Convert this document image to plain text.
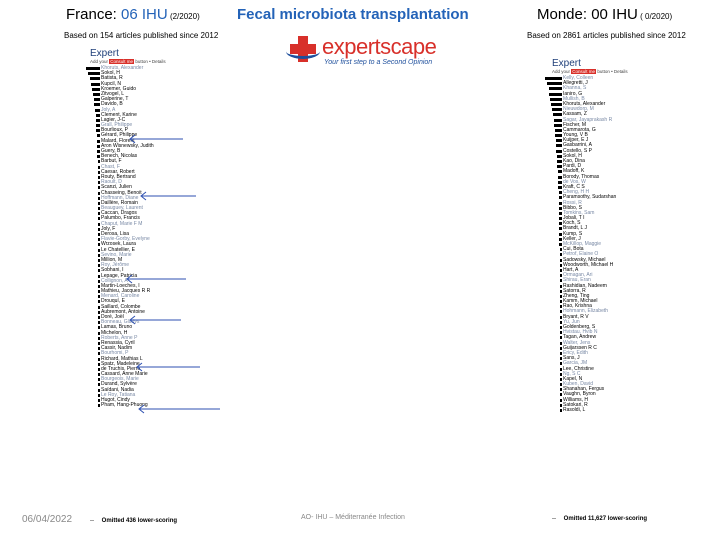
France: 06 IHU (2/2020) Fecal microbiota transplantation	Monde: 00 IHU ( 0/2020)
Based on 154 articles published since 2012	Based on 2861 articles published since 2012
expertscape
Your first step to a Second Opinion
Expert
Add your Consult me button • Details
Khoruts, Alexander
Sokol, H
Batista, R
Kupcil, N
Kroemer, Guido
Zitvogel, L
Galperine, T
Davido, B
Joly, A
Clement, Karine
Lagier, J-C
Grall, Philippe
Bourlioux, P
Gérard, Philippe
Malard, Florent
Aron Wisnewsky, Judith
Guery, B
Benech, Nicolas
Barbut, F
Chast, F
Caesar, Robert
Routy, Bertrand
Raoult, D
Scanzi, Julien
Chasseing, Benoit
Hoffmann, Diane
Daillère, Romain
Beauguey, Laurent
Caccan, Dragos
Palumbo, Francis
Chaput, Marie F M
Joly, F
Derosa, Lisa
Flavie-Gorby, Evelyne
Wrzosek, Laura
Le Chatellier, E
Sevino, Marie
Million, M
Roy, Jérôme
Sobhani, I
Lepage, Patricia
Collignon, A
Martin-Loeches, I
Mathieu, Jacques R R
Menard, Caroline
Drouquí, E
Saillard, Colombe
Aubremont, Antoine
Doré, Joël
Bonneau, Gladys
Lamas, Bruno
Michelon, H
Roberts, Anne P
Renassia, Cyril
Cassir, Nadim
Bourhomi, P
Richard, Mathias L
Spatz, Madeleine
de Truchis, Pierre
Cassard, Anne Marie
Bourgeois, Marie
Durand, Sylvère
Saïdani, Nadia
Le Roy, Tatiana
Hugot, Cindy
Pham, Hang-Phuong
Expert
Add your Consult me button • Details
Kelly, Colleen
Allegretti, J
Khanna, S
Ianiro, G
Mullish, B
Khoruts, Alexander
Nieuwdorp, M
Kassam, Z
Sagar, Jayaprakash R
Fischer, M
Cammarota, G
Young, V B
Kuijper, E J
Gasbarrini, A
Costello, S P
Sokol, H
Kao, Dina
Pardi, D
Madoff, K
Borody, Thomas
de Vos, W
Kraft, C S
Cheng, H H
Paramsothy, Sudarshan
Rossi, R
Bibbo, S
Tomkins, Sam
Jobali, T I
Koch, S
Brandt, L J
Kump, S
Keller, J
McKillop, Maggie
Cui, Bota
Petrof, Elaine O
Sadowsky, Michael
Woodworth, Michael H
Hart, A
Ormagan, Ari
Shirau, Eran
Rashidian, Nadeem
Satorra, R
Zheng, Ting
Kamm, Michael
Rao, Krishna
Hohmann, Elizabeth
Bryant, R V
Yu, Jun
Goldenberg, S
Hvistau, Hvib N
Tagan, Andrew
Walter, Jens
Guijarssen R C
Ericy, Edith
Sans, J
Garcia, JM
Lee, Christine
Ng, S C
Kapel, N
Kuben, David
Shanahan, Fergus
Vaughn, Byron
Williams, H
Satokari, R
Rasoldi, L
-- Omitted 436 lower-scoring	-- Omitted 11,627 lower-scoring
06/04/2022	AO- IHU – Méditerranée Infection
